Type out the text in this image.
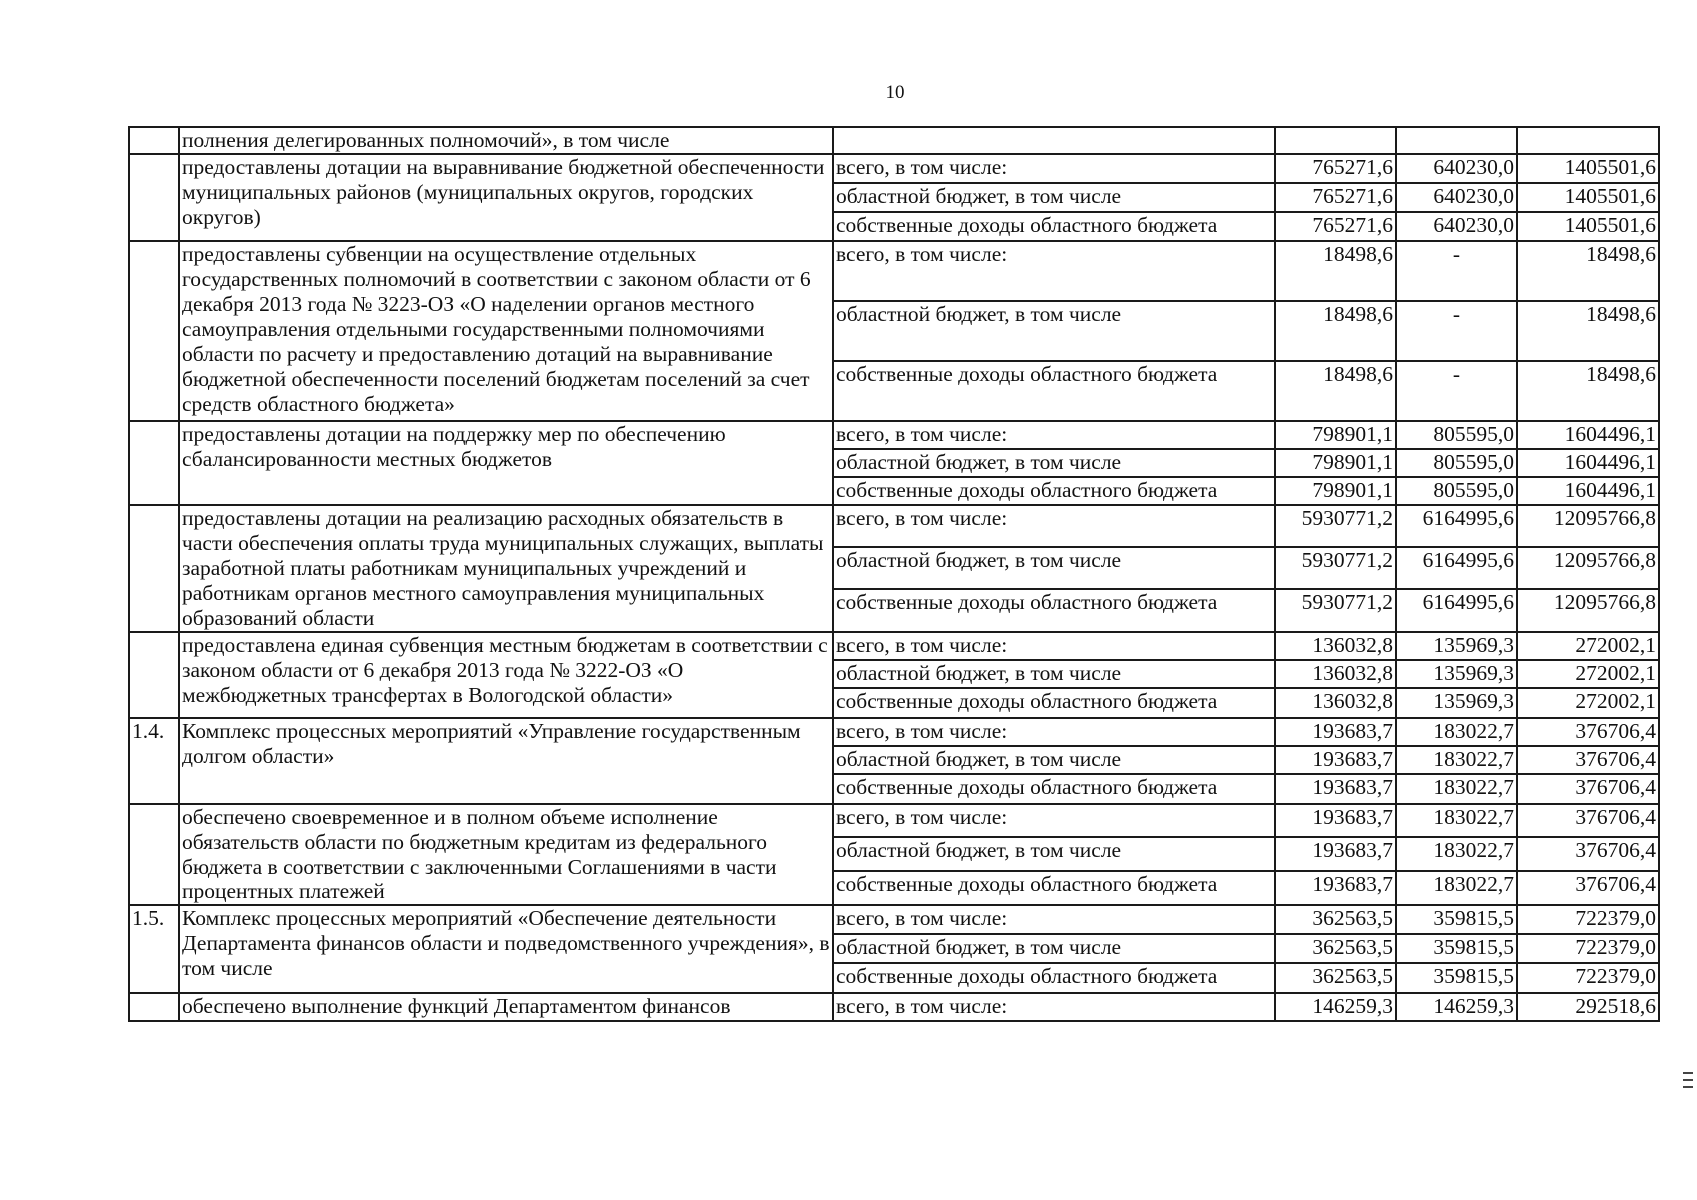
10
	полнения делегированных полномочий», в том числе				
	предоставлены дотации на выравнивание бюджетной обеспеченности муниципальных районов (муниципальных округов, городских округов)	всего, в том числе:	765271,6	640230,0	1405501,6
		областной бюджет, в том числе	765271,6	640230,0	1405501,6
		собственные доходы областного бюджета	765271,6	640230,0	1405501,6
	предоставлены субвенции на осуществление отдельных государственных полномочий в соответствии с законом области от 6 декабря 2013 года № 3223-ОЗ «О наделении органов местного самоуправления отдельными государственными полномочиями области по расчету и предоставлению дотаций на выравнивание бюджетной обеспеченности поселений бюджетам поселений за счет средств областного бюджета»	всего, в том числе:	18498,6	-	18498,6
		областной бюджет, в том числе	18498,6	-	18498,6
		собственные доходы областного бюджета	18498,6	-	18498,6
	предоставлены дотации на поддержку мер по обеспечению сбалансированности местных бюджетов	всего, в том числе:	798901,1	805595,0	1604496,1
		областной бюджет, в том числе	798901,1	805595,0	1604496,1
		собственные доходы областного бюджета	798901,1	805595,0	1604496,1
	предоставлены дотации на реализацию расходных обязательств в части обеспечения оплаты труда муниципальных служащих, выплаты заработной платы работникам муниципальных учреждений и работникам органов местного самоуправления муниципальных образований области	всего, в том числе:	5930771,2	6164995,6	12095766,8
		областной бюджет, в том числе	5930771,2	6164995,6	12095766,8
		собственные доходы областного бюджета	5930771,2	6164995,6	12095766,8
	предоставлена единая субвенция местным бюджетам в соответствии с законом области от 6 декабря 2013 года № 3222-ОЗ «О межбюджетных трансфертах в Вологодской области»	всего, в том числе:	136032,8	135969,3	272002,1
		областной бюджет, в том числе	136032,8	135969,3	272002,1
		собственные доходы областного бюджета	136032,8	135969,3	272002,1
1.4.	Комплекс процессных мероприятий «Управление государственным долгом области»	всего, в том числе:	193683,7	183022,7	376706,4
		областной бюджет, в том числе	193683,7	183022,7	376706,4
		собственные доходы областного бюджета	193683,7	183022,7	376706,4
	обеспечено своевременное и в полном объеме исполнение обязательств области по бюджетным кредитам из федерального бюджета в соответствии с заключенными Соглашениями в части процентных платежей	всего, в том числе:	193683,7	183022,7	376706,4
		областной бюджет, в том числе	193683,7	183022,7	376706,4
		собственные доходы областного бюджета	193683,7	183022,7	376706,4
1.5.	Комплекс процессных мероприятий «Обеспечение деятельности Департамента финансов области и подведомственного учреждения», в том числе	всего, в том числе:	362563,5	359815,5	722379,0
		областной бюджет, в том числе	362563,5	359815,5	722379,0
		собственные доходы областного бюджета	362563,5	359815,5	722379,0
	обеспечено выполнение функций Департаментом финансов	всего, в том числе:	146259,3	146259,3	292518,6
